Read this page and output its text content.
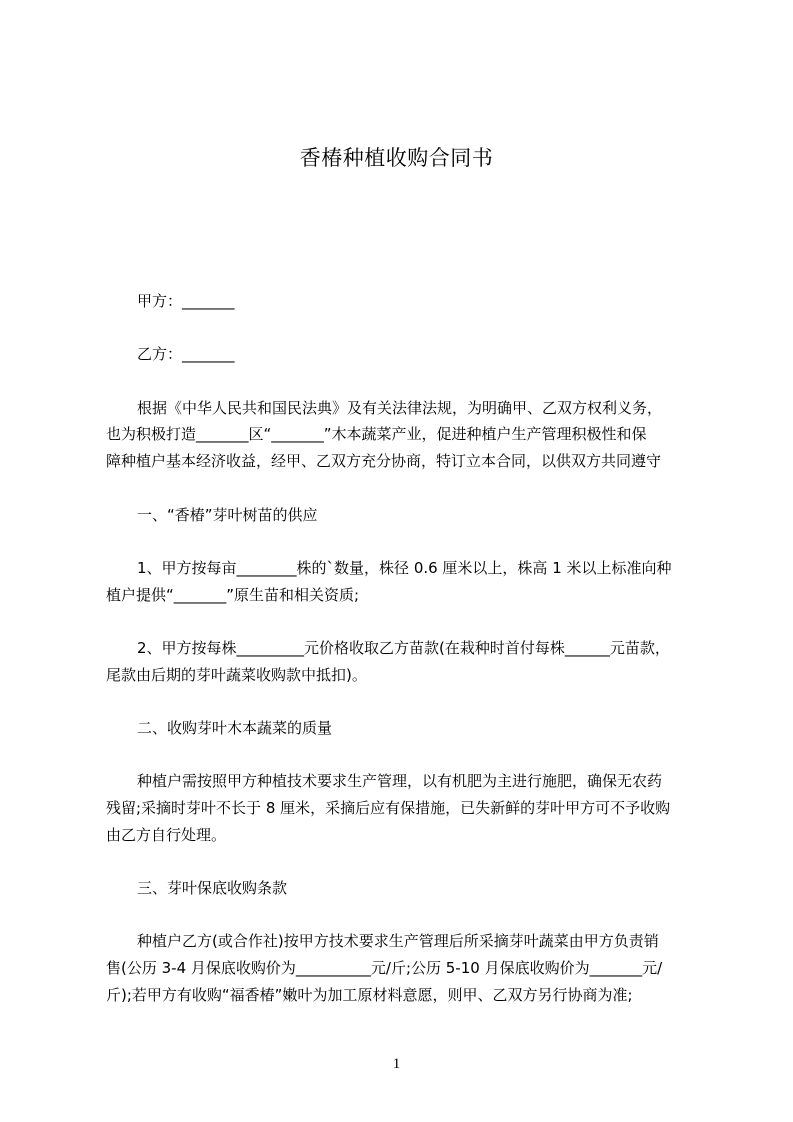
香椿种植收购合同书
甲方：_______
乙方：_______
根据《中华人民共和国民法典》及有关法律法规，为明确甲、乙双方权利义务，
也为积极打造_______区“_______”木本蔬菜产业，促进种植户生产管理积极性和保
障种植户基本经济收益，经甲、乙双方充分协商，特订立本合同，以供双方共同遵守
一、“香椿”芽叶树苗的供应
1、甲方按每亩________株的`数量，株径 0.6 厘米以上，株高 1 米以上标准向种
植户提供“_______”原生苗和相关资质;
2、甲方按每株_________元价格收取乙方苗款(在栽种时首付每株______元苗款，
尾款由后期的芽叶蔬菜收购款中抵扣)。
二、收购芽叶木本蔬菜的质量
种植户需按照甲方种植技术要求生产管理，以有机肥为主进行施肥，确保无农药
残留;采摘时芽叶不长于 8 厘米，采摘后应有保措施，已失新鲜的芽叶甲方可不予收购
由乙方自行处理。
三、芽叶保底收购条款
种植户乙方(或合作社)按甲方技术要求生产管理后所采摘芽叶蔬菜由甲方负责销
售(公历 3-4 月保底收购价为__________元/斤;公历 5-10 月保底收购价为_______元/
斤);若甲方有收购“福香椿”嫩叶为加工原材料意愿，则甲、乙双方另行协商为准;
1
